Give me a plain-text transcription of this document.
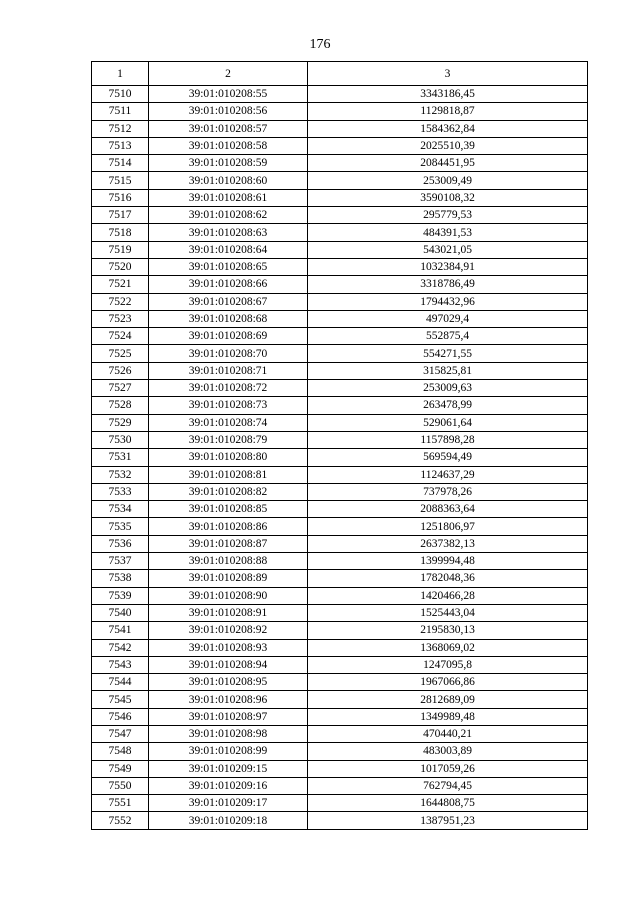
176
1	2	3
7510	39:01:010208:55	3343186,45
7511	39:01:010208:56	1129818,87
7512	39:01:010208:57	1584362,84
7513	39:01:010208:58	2025510,39
7514	39:01:010208:59	2084451,95
7515	39:01:010208:60	253009,49
7516	39:01:010208:61	3590108,32
7517	39:01:010208:62	295779,53
7518	39:01:010208:63	484391,53
7519	39:01:010208:64	543021,05
7520	39:01:010208:65	1032384,91
7521	39:01:010208:66	3318786,49
7522	39:01:010208:67	1794432,96
7523	39:01:010208:68	497029,4
7524	39:01:010208:69	552875,4
7525	39:01:010208:70	554271,55
7526	39:01:010208:71	315825,81
7527	39:01:010208:72	253009,63
7528	39:01:010208:73	263478,99
7529	39:01:010208:74	529061,64
7530	39:01:010208:79	1157898,28
7531	39:01:010208:80	569594,49
7532	39:01:010208:81	1124637,29
7533	39:01:010208:82	737978,26
7534	39:01:010208:85	2088363,64
7535	39:01:010208:86	1251806,97
7536	39:01:010208:87	2637382,13
7537	39:01:010208:88	1399994,48
7538	39:01:010208:89	1782048,36
7539	39:01:010208:90	1420466,28
7540	39:01:010208:91	1525443,04
7541	39:01:010208:92	2195830,13
7542	39:01:010208:93	1368069,02
7543	39:01:010208:94	1247095,8
7544	39:01:010208:95	1967066,86
7545	39:01:010208:96	2812689,09
7546	39:01:010208:97	1349989,48
7547	39:01:010208:98	470440,21
7548	39:01:010208:99	483003,89
7549	39:01:010209:15	1017059,26
7550	39:01:010209:16	762794,45
7551	39:01:010209:17	1644808,75
7552	39:01:010209:18	1387951,23
